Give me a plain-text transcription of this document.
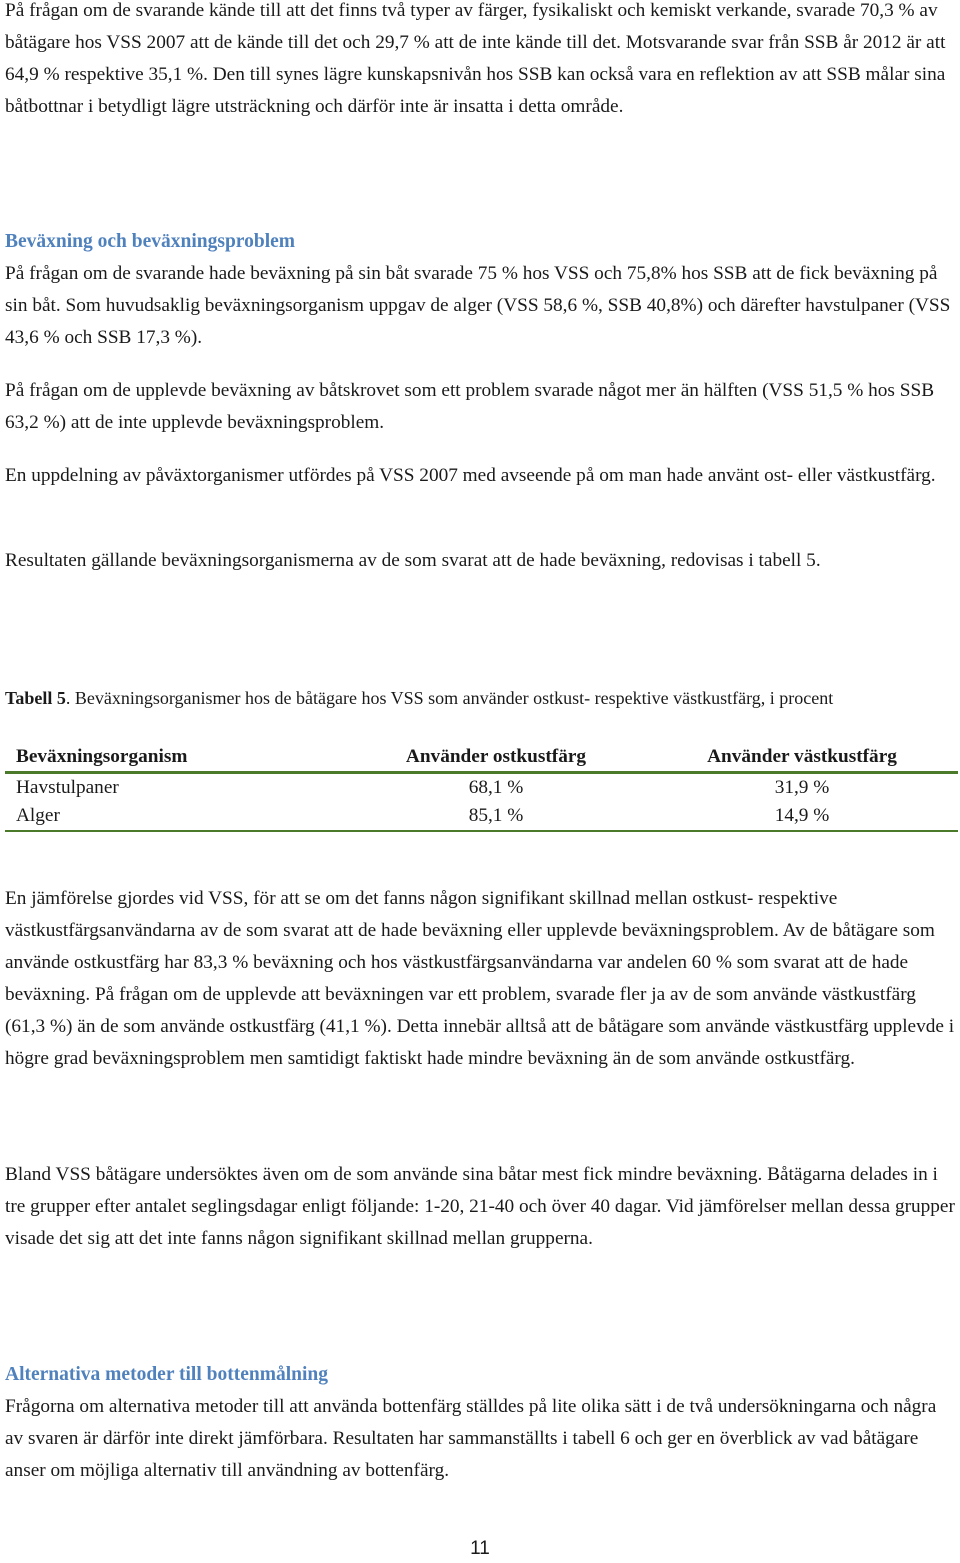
På frågan om de svarande kände till att det finns två typer av färger, fysikaliskt och kemiskt verkande, svarade 70,3 % av båtägare hos VSS 2007 att de kände till det och 29,7 % att de inte kände till det. Motsvarande svar från SSB år 2012 är att 64,9 % respektive 35,1 %. Den till synes lägre kunskapsnivån hos SSB kan också vara en reflektion av att SSB målar sina båtbottnar i betydligt lägre utsträckning och därför inte är insatta i detta område.

Beväxning och beväxningsproblem

På frågan om de svarande hade beväxning på sin båt svarade 75 % hos VSS och 75,8% hos SSB att de fick beväxning på sin båt. Som huvudsaklig beväxningsorganism uppgav de alger (VSS 58,6 %, SSB 40,8%) och därefter havstulpaner (VSS 43,6 % och SSB 17,3 %).

På frågan om de upplevde beväxning av båtskrovet som ett problem svarade något mer än hälften (VSS 51,5 % hos SSB 63,2 %) att de inte upplevde beväxningsproblem.

En uppdelning av påväxtorganismer utfördes på VSS 2007 med avseende på om man hade använt ost- eller västkustfärg.

Resultaten gällande beväxningsorganismerna av de som svarat att de hade beväxning, redovisas i tabell 5.

Tabell 5. Beväxningsorganismer hos de båtägare hos VSS som använder ostkust- respektive västkustfärg, i procent
Beväxningsorganism	Använder ostkustfärg	Använder västkustfärg
Havstulpaner	68,1 %	31,9 %
Alger	85,1 %	14,9 %

En jämförelse gjordes vid VSS, för att se om det fanns någon signifikant skillnad mellan ostkust- respektive västkustfärgsanvändarna av de som svarat att de hade beväxning eller upplevde beväxningsproblem. Av de båtägare som använde ostkustfärg har 83,3 % beväxning och hos västkustfärgsanvändarna var andelen 60 % som svarat att de hade beväxning. På frågan om de upplevde att beväxningen var ett problem, svarade fler ja av de som använde västkustfärg (61,3 %) än de som använde ostkustfärg (41,1 %). Detta innebär alltså att de båtägare som använde västkustfärg upplevde i högre grad beväxningsproblem men samtidigt faktiskt hade mindre beväxning än de som använde ostkustfärg.

Bland VSS båtägare undersöktes även om de som använde sina båtar mest fick mindre beväxning. Båtägarna delades in i tre grupper efter antalet seglingsdagar enligt följande: 1-20, 21-40 och över 40 dagar. Vid jämförelser mellan dessa grupper visade det sig att det inte fanns någon signifikant skillnad mellan grupperna.

Alternativa metoder till bottenmålning

Frågorna om alternativa metoder till att använda bottenfärg ställdes på lite olika sätt i de två undersökningarna och några av svaren är därför inte direkt jämförbara. Resultaten har sammanställts i tabell 6 och ger en överblick av vad båtägare anser om möjliga alternativ till användning av bottenfärg.

11
